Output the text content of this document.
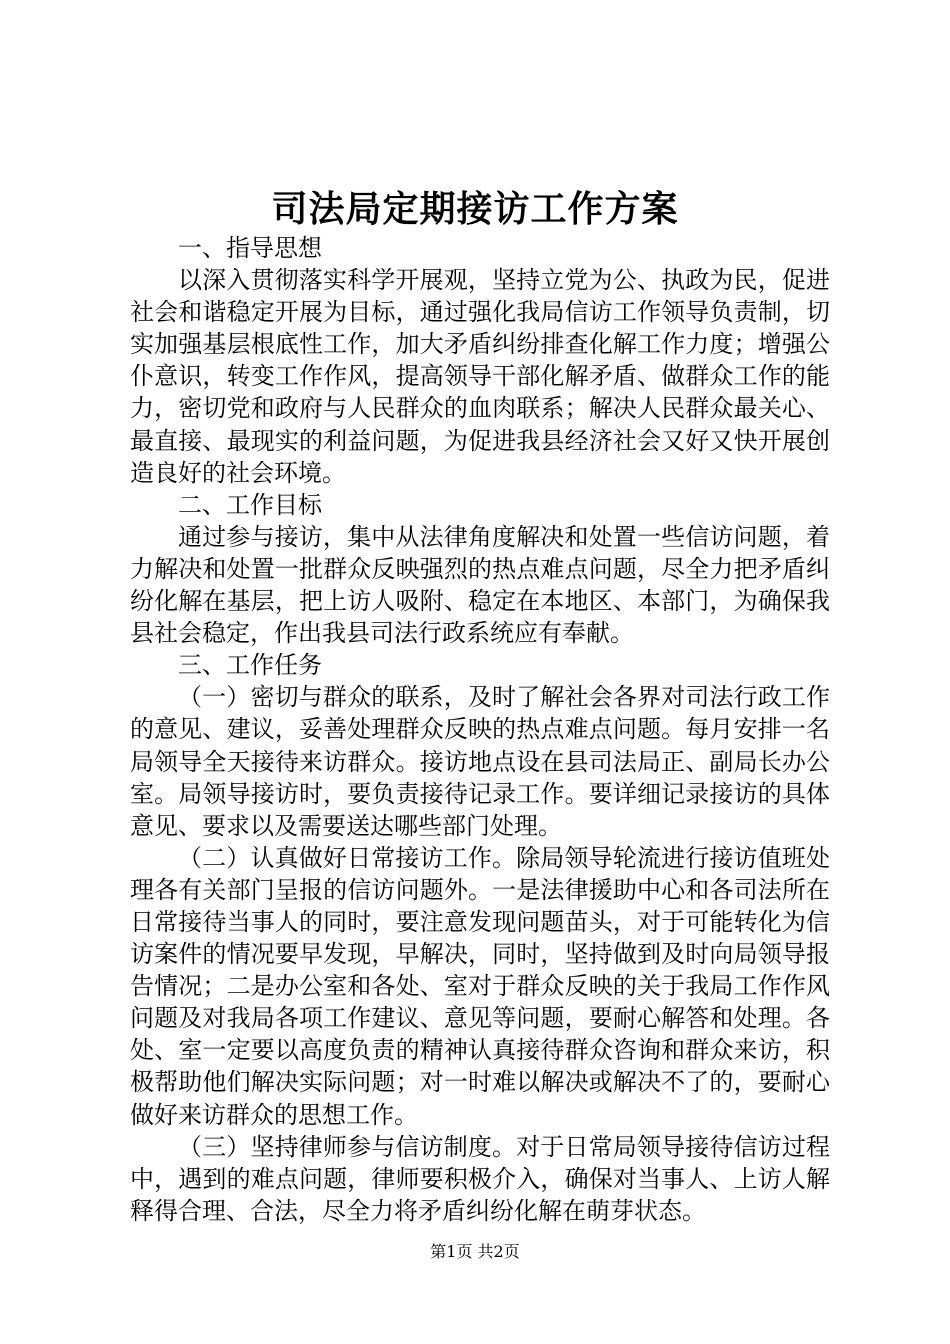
司法局定期接访工作方案

一、指导思想

以深入贯彻落实科学开展观，坚持立党为公、执政为民，促进社会和谐稳定开展为目标，通过强化我局信访工作领导负责制，切实加强基层根底性工作，加大矛盾纠纷排查化解工作力度；增强公仆意识，转变工作作风，提高领导干部化解矛盾、做群众工作的能力，密切党和政府与人民群众的血肉联系；解决人民群众最关心、最直接、最现实的利益问题，为促进我县经济社会又好又快开展创造良好的社会环境。

二、工作目标

通过参与接访，集中从法律角度解决和处置一些信访问题，着力解决和处置一批群众反映强烈的热点难点问题，尽全力把矛盾纠纷化解在基层，把上访人吸附、稳定在本地区、本部门，为确保我县社会稳定，作出我县司法行政系统应有奉献。

三、工作任务

（一）密切与群众的联系，及时了解社会各界对司法行政工作的意见、建议，妥善处理群众反映的热点难点问题。每月安排一名局领导全天接待来访群众。接访地点设在县司法局正、副局长办公室。局领导接访时，要负责接待记录工作。要详细记录接访的具体意见、要求以及需要送达哪些部门处理。

（二）认真做好日常接访工作。除局领导轮流进行接访值班处理各有关部门呈报的信访问题外。一是法律援助中心和各司法所在日常接待当事人的同时，要注意发现问题苗头，对于可能转化为信访案件的情况要早发现，早解决，同时，坚持做到及时向局领导报告情况；二是办公室和各处、室对于群众反映的关于我局工作作风问题及对我局各项工作建议、意见等问题，要耐心解答和处理。各处、室一定要以高度负责的精神认真接待群众咨询和群众来访，积极帮助他们解决实际问题；对一时难以解决或解决不了的，要耐心做好来访群众的思想工作。

（三）坚持律师参与信访制度。对于日常局领导接待信访过程中，遇到的难点问题，律师要积极介入，确保对当事人、上访人解释得合理、合法，尽全力将矛盾纠纷化解在萌芽状态。

第1页 共2页
